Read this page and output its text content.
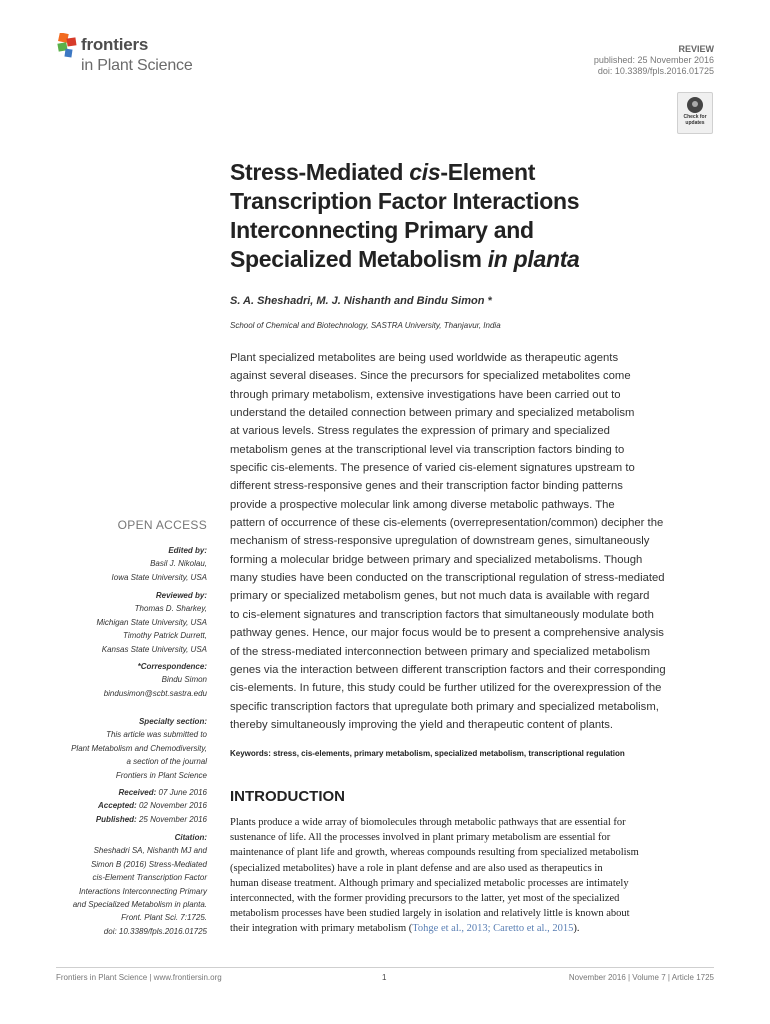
frontiers
in Plant Science
REVIEW
published: 25 November 2016
doi: 10.3389/fpls.2016.01725
Check for
updates
Stress-Mediated cis-Element
Transcription Factor Interactions
Interconnecting Primary and
Specialized Metabolism in planta
S. A. Sheshadri, M. J. Nishanth and Bindu Simon *
School of Chemical and Biotechnology, SASTRA University, Thanjavur, India
Plant specialized metabolites are being used worldwide as therapeutic agents
against several diseases. Since the precursors for specialized metabolites come
through primary metabolism, extensive investigations have been carried out to
understand the detailed connection between primary and specialized metabolism
at various levels. Stress regulates the expression of primary and specialized
metabolism genes at the transcriptional level via transcription factors binding to
specific cis-elements. The presence of varied cis-element signatures upstream to
different stress-responsive genes and their transcription factor binding patterns
provide a prospective molecular link among diverse metabolic pathways. The
pattern of occurrence of these cis-elements (overrepresentation/common) decipher the
mechanism of stress-responsive upregulation of downstream genes, simultaneously
forming a molecular bridge between primary and specialized metabolisms. Though
many studies have been conducted on the transcriptional regulation of stress-mediated
primary or specialized metabolism genes, but not much data is available with regard
to cis-element signatures and transcription factors that simultaneously modulate both
pathway genes. Hence, our major focus would be to present a comprehensive analysis
of the stress-mediated interconnection between primary and specialized metabolism
genes via the interaction between different transcription factors and their corresponding
cis-elements. In future, this study could be further utilized for the overexpression of the
specific transcription factors that upregulate both primary and specialized metabolism,
thereby simultaneously improving the yield and therapeutic content of plants.
Keywords: stress, cis-elements, primary metabolism, specialized metabolism, transcriptional regulation
INTRODUCTION
Plants produce a wide array of biomolecules through metabolic pathways that are essential for
sustenance of life. All the processes involved in plant primary metabolism are essential for
maintenance of plant life and growth, whereas compounds resulting from specialized metabolism
(specialized metabolites) have a role in plant defense and are also used as therapeutics in
human disease treatment. Although primary and specialized metabolic processes are intimately
interconnected, with the former providing precursors to the latter, yet most of the specialized
metabolism processes have been studied largely in isolation and relatively little is known about
their integration with primary metabolism (Tohge et al., 2013; Caretto et al., 2015).
OPEN ACCESS
Edited by:
Basil J. Nikolau,
Iowa State University, USA
Reviewed by:
Thomas D. Sharkey,
Michigan State University, USA
Timothy Patrick Durrett,
Kansas State University, USA
*Correspondence:
Bindu Simon
bindusimon@scbt.sastra.edu
Specialty section:
This article was submitted to
Plant Metabolism and Chemodiversity,
a section of the journal
Frontiers in Plant Science
Received: 07 June 2016
Accepted: 02 November 2016
Published: 25 November 2016
Citation:
Sheshadri SA, Nishanth MJ and
Simon B (2016) Stress-Mediated
cis-Element Transcription Factor
Interactions Interconnecting Primary
and Specialized Metabolism in planta.
Front. Plant Sci. 7:1725.
doi: 10.3389/fpls.2016.01725
Frontiers in Plant Science | www.frontiersin.org	1	November 2016 | Volume 7 | Article 1725
